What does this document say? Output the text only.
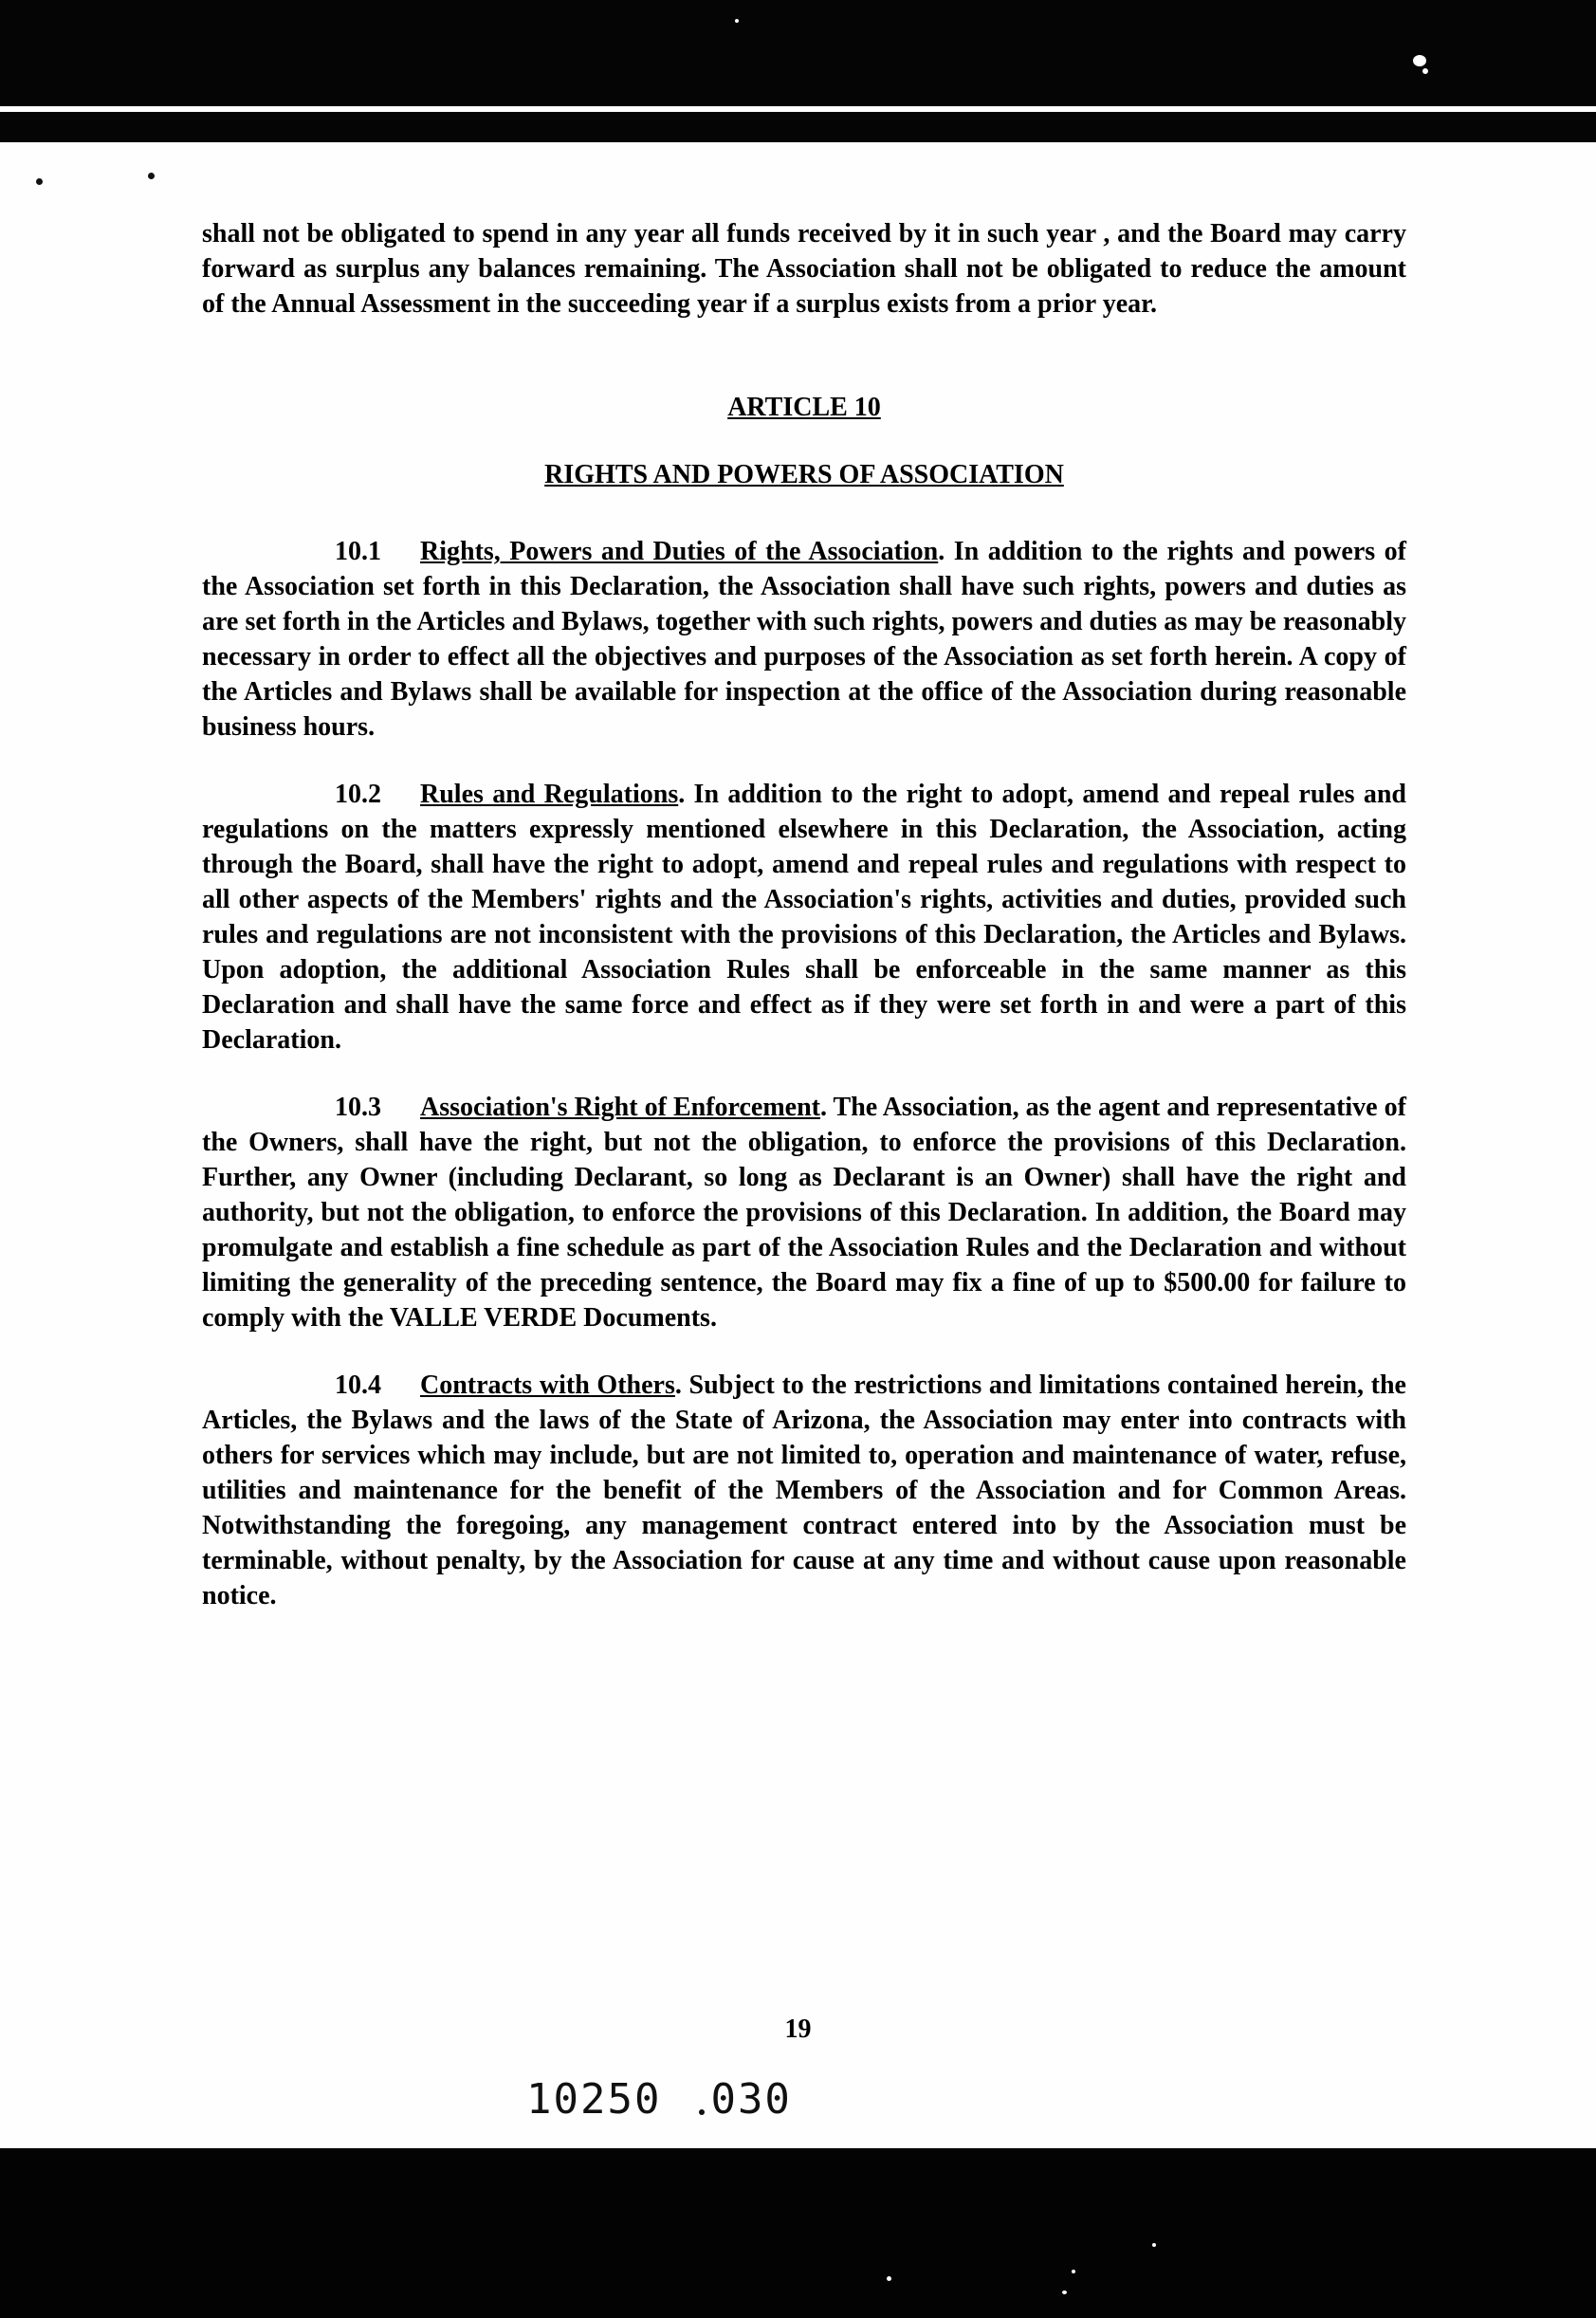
shall not be obligated to spend in any year all funds received by it in such year , and the Board may carry forward as surplus any balances remaining. The Association shall not be obligated to reduce the amount of the Annual Assessment in the succeeding year if a surplus exists from a prior year.

ARTICLE 10
RIGHTS AND POWERS OF ASSOCIATION

10.1 Rights, Powers and Duties of the Association. In addition to the rights and powers of the Association set forth in this Declaration, the Association shall have such rights, powers and duties as are set forth in the Articles and Bylaws, together with such rights, powers and duties as may be reasonably necessary in order to effect all the objectives and purposes of the Association as set forth herein. A copy of the Articles and Bylaws shall be available for inspection at the office of the Association during reasonable business hours.

10.2 Rules and Regulations. In addition to the right to adopt, amend and repeal rules and regulations on the matters expressly mentioned elsewhere in this Declaration, the Association, acting through the Board, shall have the right to adopt, amend and repeal rules and regulations with respect to all other aspects of the Members' rights and the Association's rights, activities and duties, provided such rules and regulations are not inconsistent with the provisions of this Declaration, the Articles and Bylaws. Upon adoption, the additional Association Rules shall be enforceable in the same manner as this Declaration and shall have the same force and effect as if they were set forth in and were a part of this Declaration.

10.3 Association's Right of Enforcement. The Association, as the agent and representative of the Owners, shall have the right, but not the obligation, to enforce the provisions of this Declaration. Further, any Owner (including Declarant, so long as Declarant is an Owner) shall have the right and authority, but not the obligation, to enforce the provisions of this Declaration. In addition, the Board may promulgate and establish a fine schedule as part of the Association Rules and the Declaration and without limiting the generality of the preceding sentence, the Board may fix a fine of up to $500.00 for failure to comply with the VALLE VERDE Documents.

10.4 Contracts with Others. Subject to the restrictions and limitations contained herein, the Articles, the Bylaws and the laws of the State of Arizona, the Association may enter into contracts with others for services which may include, but are not limited to, operation and maintenance of water, refuse, utilities and maintenance for the benefit of the Members of the Association and for Common Areas. Notwithstanding the foregoing, any management contract entered into by the Association must be terminable, without penalty, by the Association for cause at any time and without cause upon reasonable notice.

19
10250 030
